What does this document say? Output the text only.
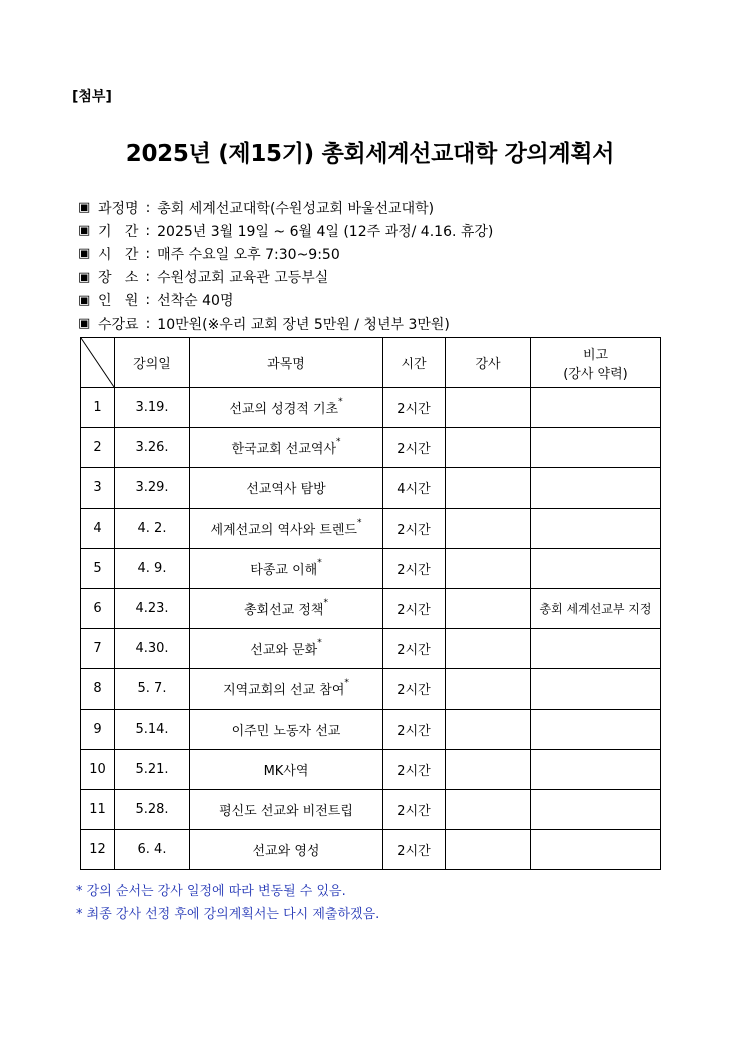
[첨부]
2025년 (제15기) 총회세계선교대학 강의계획서
▣ 과정명 : 총회 세계선교대학(수원성교회 바울선교대학)
▣ 기   간 : 2025년 3월 19일 ~ 6월 4일 (12주 과정/ 4.16. 휴강)
▣ 시   간 : 매주 수요일 오후 7:30~9:50
▣ 장   소 : 수원성교회 교육관 고등부실
▣ 인   원 : 선착순 40명
▣ 수강료 : 10만원(※우리 교회 장년 5만원 / 청년부 3만원)
	강의일	과목명	시간	강사	비고
(강사 약력)

1	3.19.	선교의 성경적 기초*	2시간		
2	3.26.	한국교회 선교역사*	2시간		
3	3.29.	선교역사 탐방	4시간		
4	4. 2.	세계선교의 역사와 트렌드*	2시간		
5	4. 9.	타종교 이해*	2시간		
6	4.23.	총회선교 정책*	2시간		총회 세계선교부 지정
7	4.30.	선교와 문화*	2시간		
8	5. 7.	지역교회의 선교 참여*	2시간		
9	5.14.	이주민 노동자 선교	2시간		
10	5.21.	MK사역	2시간		
11	5.28.	평신도 선교와 비전트립	2시간		
12	6. 4.	선교와 영성	2시간		
* 강의 순서는 강사 일정에 따라 변동될 수 있음.
* 최종 강사 선정 후에 강의계획서는 다시 제출하겠음.
